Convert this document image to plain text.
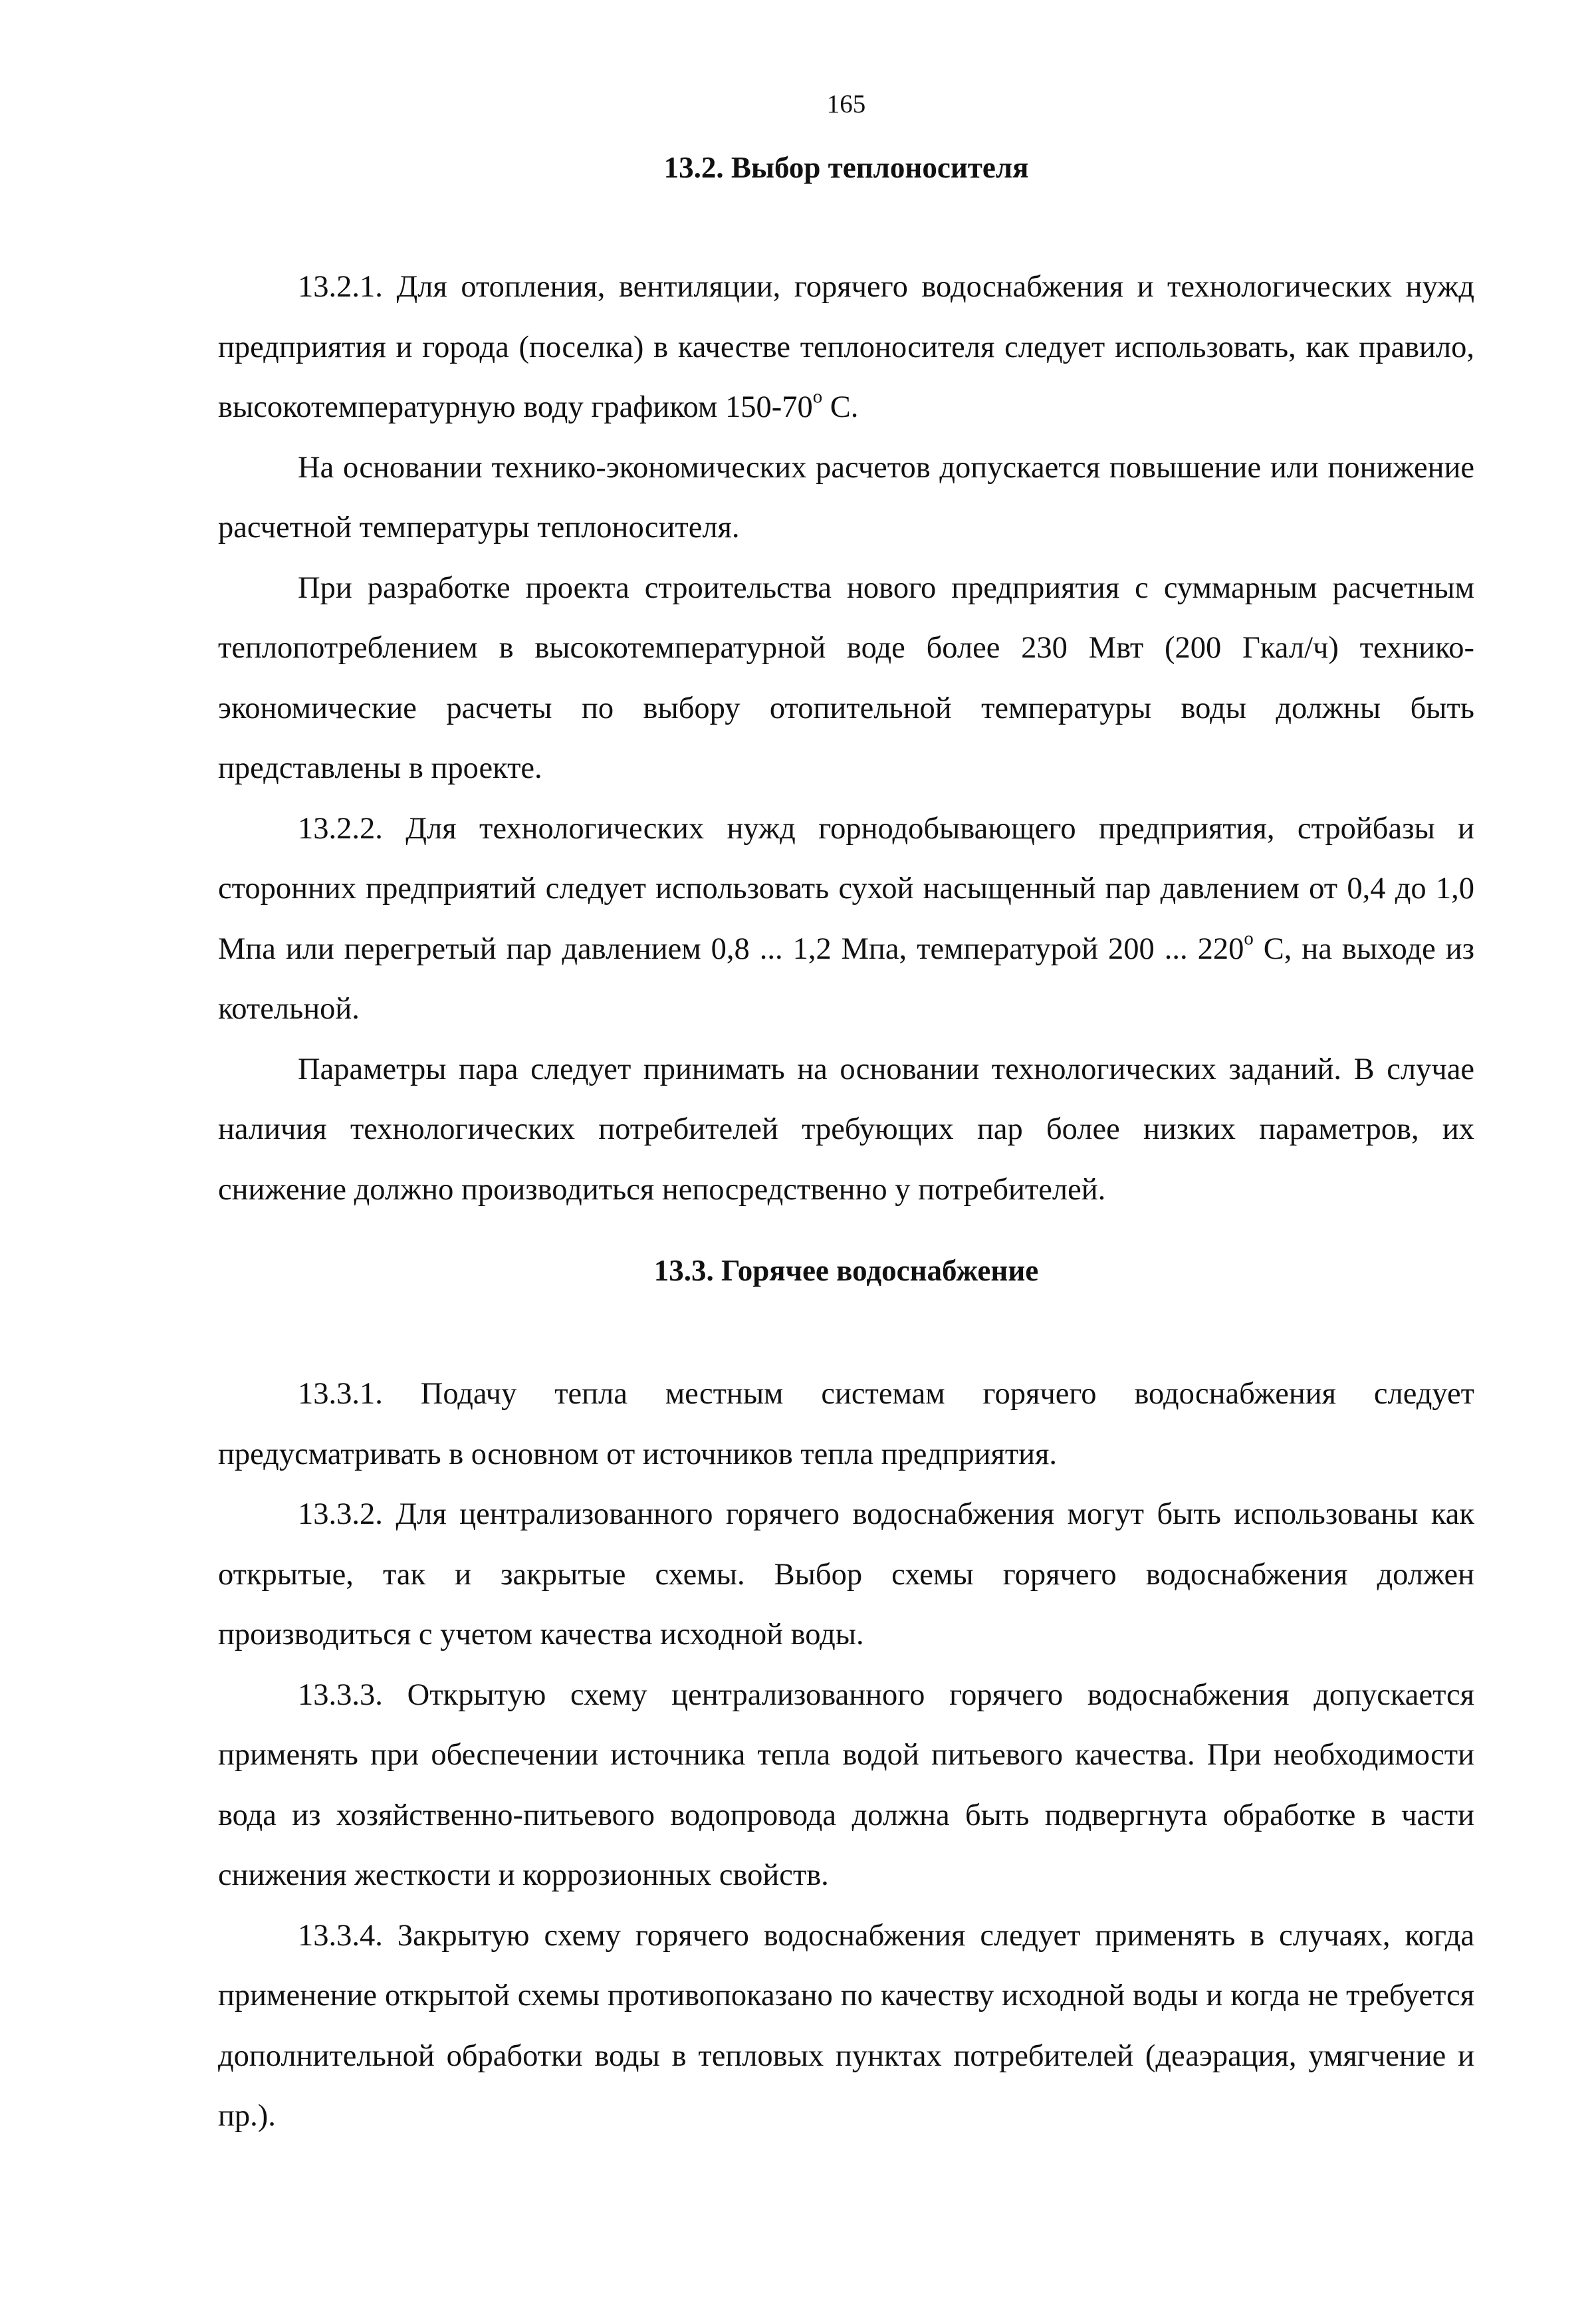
165
13.2. Выбор теплоносителя

13.2.1. Для отопления, вентиляции, горячего водоснабжения и технологических нужд предприятия и города (поселка) в качестве теплоносителя следует использовать, как правило, высокотемпературную воду графиком 150-70$^o$ С.

На основании технико-экономических расчетов допускается повышение или понижение расчетной температуры теплоносителя.

При разработке проекта строительства нового предприятия с суммарным расчетным теплопотреблением в высокотемпературной воде более 230 Мвт (200 Гкал/ч) технико-экономические расчеты по выбору отопительной температуры воды должны быть представлены в проекте.

13.2.2. Для технологических нужд горнодобывающего предприятия, стройбазы и сторонних предприятий следует использовать сухой насыщенный пар давлением от 0,4 до 1,0 Мпа или перегретый пар давлением 0,8 ... 1,2 Мпа, температурой 200 ... 220$^o$ С, на выходе из котельной.

Параметры пара следует принимать на основании технологических заданий. В случае наличия технологических потребителей требующих пар более низких параметров, их снижение должно производиться непосредственно у потребителей.

13.3. Горячее водоснабжение

13.3.1. Подачу тепла местным системам горячего водоснабжения следует предусматривать в основном от источников тепла предприятия.

13.3.2. Для централизованного горячего водоснабжения могут быть использованы как открытые, так и закрытые схемы. Выбор схемы горячего водоснабжения должен производиться с учетом качества исходной воды.

13.3.3. Открытую схему централизованного горячего водоснабжения допускается применять при обеспечении источника тепла водой питьевого качества. При необходимости вода из хозяйственно-питьевого водопровода должна быть подвергнута обработке в части снижения жесткости и коррозионных свойств.

13.3.4. Закрытую схему горячего водоснабжения следует применять в случаях, когда применение открытой схемы противопоказано по качеству исходной воды и когда не требуется дополнительной обработки воды в тепловых пунктах потребителей (деаэрация, умягчение и пр.).
